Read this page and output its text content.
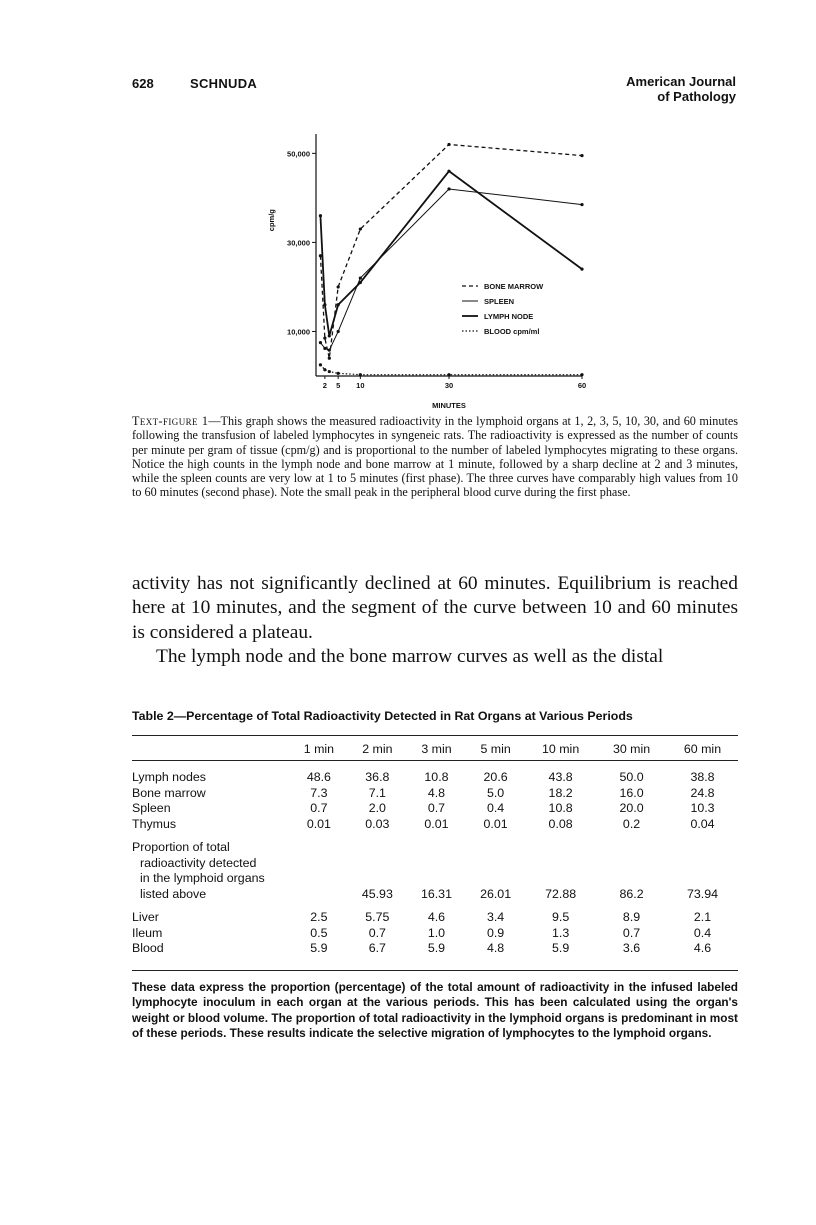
628	SCHNUDA	American Journal
of Pathology
10,000
30,000
50,000
2 5 10	30	60
MINUTES
cpm/g
BONE MARROW
SPLEEN
LYMPH NODE
BLOOD cpm/ml
Text-figure 1—This graph shows the measured radioactivity in the lymphoid organs at 1, 2, 3, 5, 10, 30, and 60 minutes following the transfusion of labeled lymphocytes in syngeneic rats. The radioactivity is expressed as the number of counts per minute per gram of tissue (cpm/g) and is proportional to the number of labeled lymphocytes migrating to these organs. Notice the high counts in the lymph node and bone marrow at 1 minute, followed by a sharp decline at 2 and 3 minutes, while the spleen counts are very low at 1 to 5 minutes (first phase). The three curves have comparably high values from 10 to 60 minutes (second phase). Note the small peak in the peripheral blood curve during the first phase.

activity has not significantly declined at 60 minutes. Equilibrium is reached here at 10 minutes, and the segment of the curve between 10 and 60 minutes is considered a plateau.

The lymph node and the bone marrow curves as well as the distal

Table 2—Percentage of Total Radioactivity Detected in Rat Organs at Various Periods
	1 min	2 min	3 min	5 min	10 min	30 min	60 min

Lymph nodes	48.6	36.8	10.8	20.6	43.8	50.0	38.8
Bone marrow	7.3	7.1	4.8	5.0	18.2	16.0	24.8
Spleen	0.7	2.0	0.7	0.4	10.8	20.0	10.3
Thymus	0.01	0.03	0.01	0.01	0.08	0.2	0.04

Proportion of total							
radioactivity detected							
in the lymphoid organs							
listed above		45.93	16.31	26.01	72.88	86.2	73.94

Liver	2.5	5.75	4.6	3.4	9.5	8.9	2.1
Ileum	0.5	0.7	1.0	0.9	1.3	0.7	0.4
Blood	5.9	6.7	5.9	4.8	5.9	3.6	4.6
These data express the proportion (percentage) of the total amount of radioactivity in the infused labeled lymphocyte inoculum in each organ at the various periods. This has been calculated using the organ's weight or blood volume. The proportion of total radioactivity in the lymphoid organs is predominant in most of these periods. These results indicate the selective migration of lymphocytes to the lymphoid organs.
